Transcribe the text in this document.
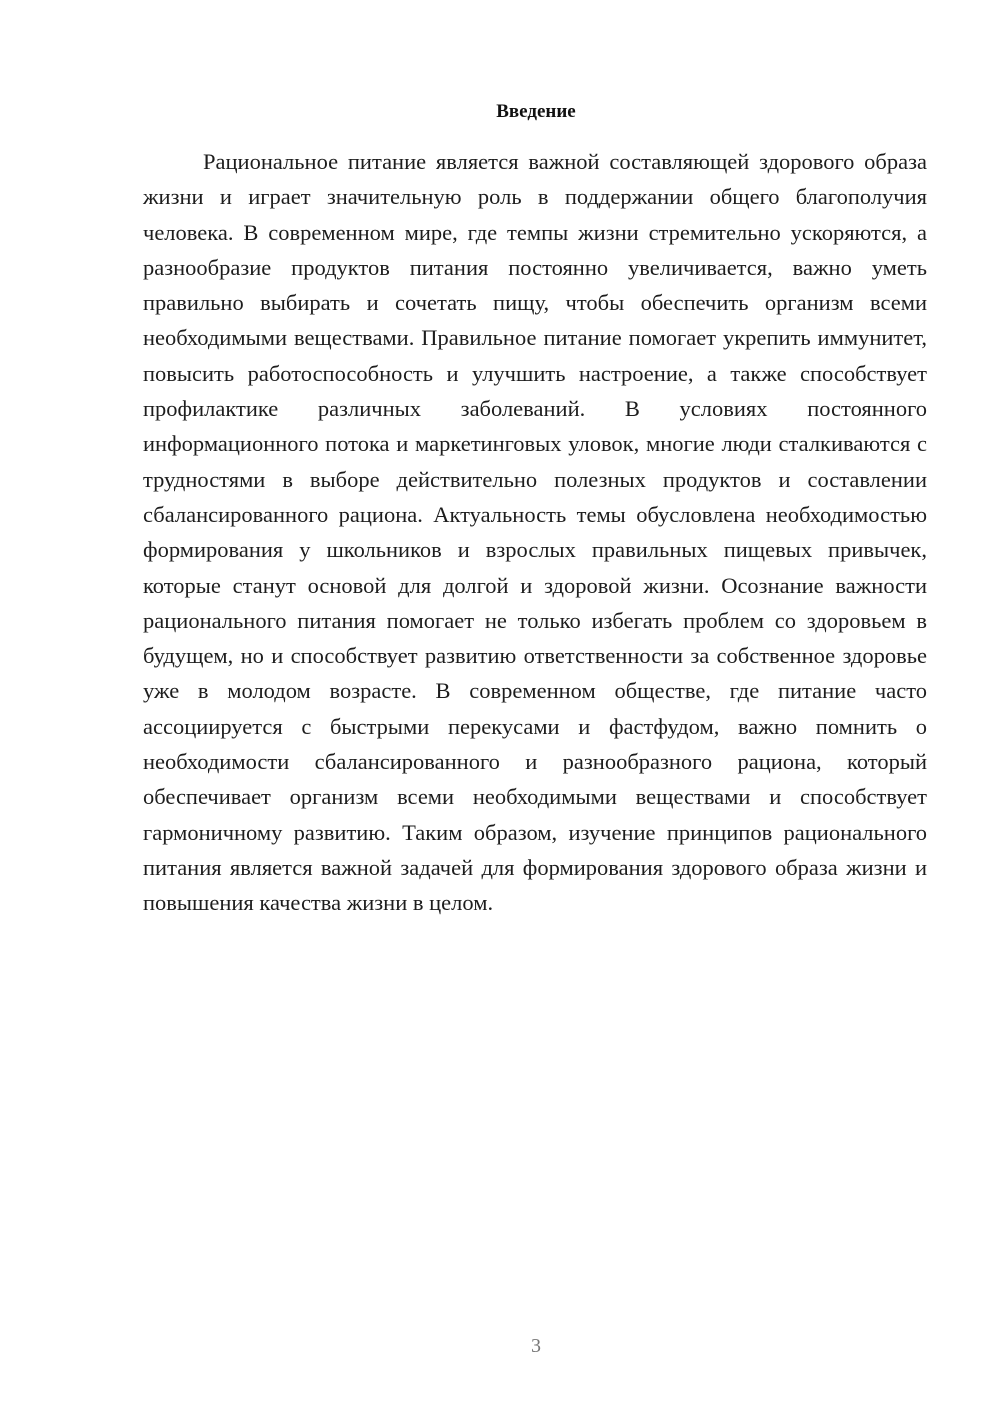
Введение

Рациональное питание является важной составляющей здорового образа жизни и играет значительную роль в поддержании общего благополучия человека. В современном мире, где темпы жизни стремительно ускоряются, а разнообразие продуктов питания постоянно увеличивается, важно уметь правильно выбирать и сочетать пищу, чтобы обеспечить организм всеми необходимыми веществами. Правильное питание помогает укрепить иммунитет, повысить работоспособность и улучшить настроение, а также способствует профилактике различных заболеваний. В условиях постоянного информационного потока и маркетинговых уловок, многие люди сталкиваются с трудностями в выборе действительно полезных продуктов и составлении сбалансированного рациона. Актуальность темы обусловлена необходимостью формирования у школьников и взрослых правильных пищевых привычек, которые станут основой для долгой и здоровой жизни. Осознание важности рационального питания помогает не только избегать проблем со здоровьем в будущем, но и способствует развитию ответственности за собственное здоровье уже в молодом возрасте. В современном обществе, где питание часто ассоциируется с быстрыми перекусами и фастфудом, важно помнить о необходимости сбалансированного и разнообразного рациона, который обеспечивает организм всеми необходимыми веществами и способствует гармоничному развитию. Таким образом, изучение принципов рационального питания является важной задачей для формирования здорового образа жизни и повышения качества жизни в целом.

3
